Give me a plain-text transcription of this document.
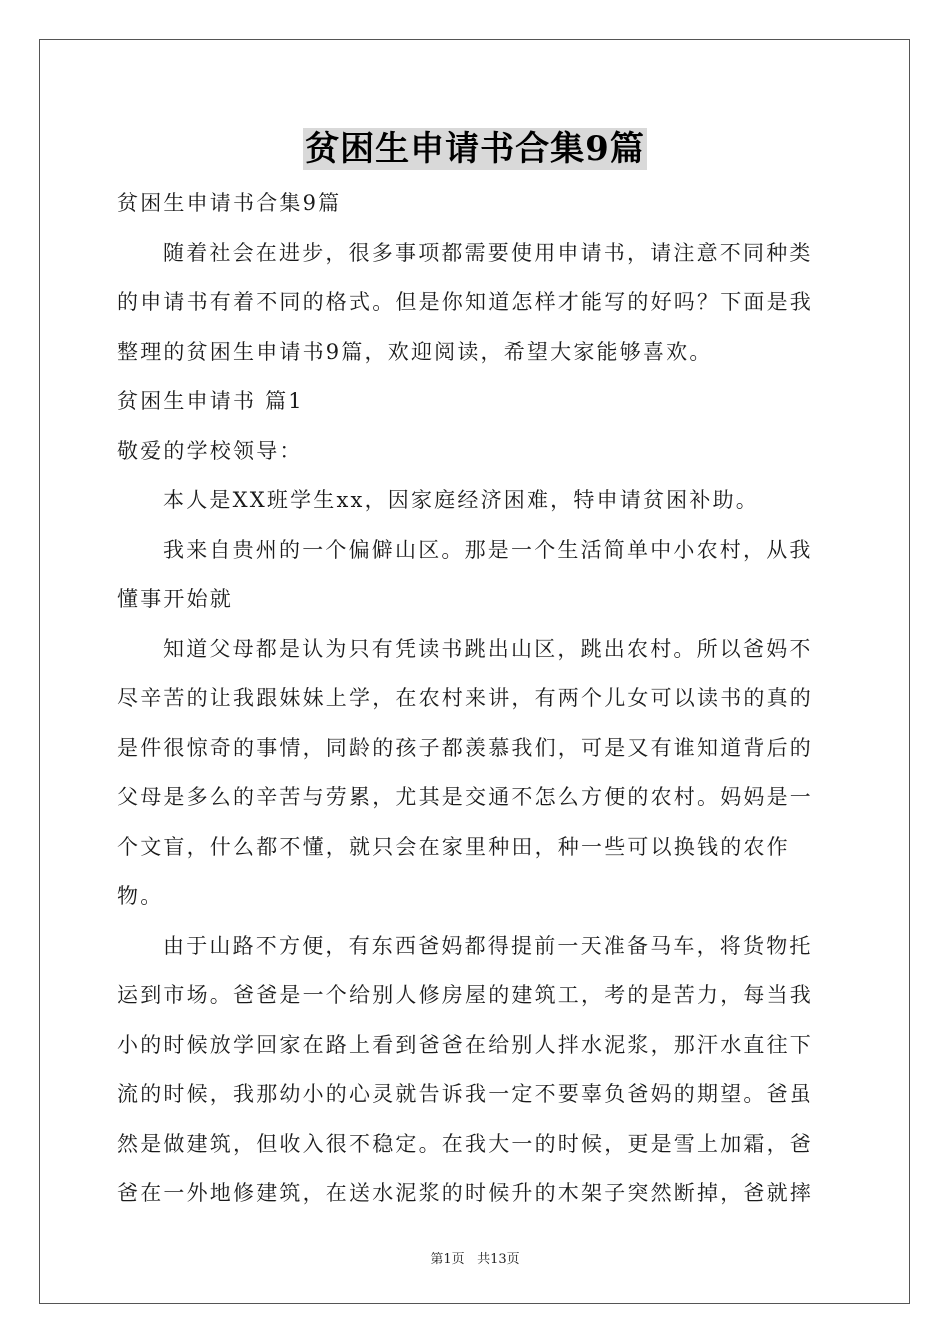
贫困生申请书合集9篇

贫困生申请书合集9篇

随着社会在进步，很多事项都需要使用申请书，请注意不同种类的申请书有着不同的格式。但是你知道怎样才能写的好吗？下面是我整理的贫困生申请书9篇，欢迎阅读，希望大家能够喜欢。

贫困生申请书 篇1

敬爱的学校领导：

本人是XX班学生xx，因家庭经济困难，特申请贫困补助。

我来自贵州的一个偏僻山区。那是一个生活简单中小农村，从我懂事开始就

知道父母都是认为只有凭读书跳出山区，跳出农村。所以爸妈不尽辛苦的让我跟妹妹上学，在农村来讲，有两个儿女可以读书的真的是件很惊奇的事情，同龄的孩子都羡慕我们，可是又有谁知道背后的父母是多么的辛苦与劳累，尤其是交通不怎么方便的农村。妈妈是一个文盲，什么都不懂，就只会在家里种田，种一些可以换钱的农作物。

由于山路不方便，有东西爸妈都得提前一天准备马车，将货物托运到市场。爸爸是一个给别人修房屋的建筑工，考的是苦力，每当我小的时候放学回家在路上看到爸爸在给别人拌水泥浆，那汗水直往下流的时候，我那幼小的心灵就告诉我一定不要辜负爸妈的期望。爸虽然是做建筑，但收入很不稳定。在我大一的时候，更是雪上加霜，爸爸在一外地修建筑，在送水泥浆的时候升的木架子突然断掉，爸就摔

第1页 共13页
